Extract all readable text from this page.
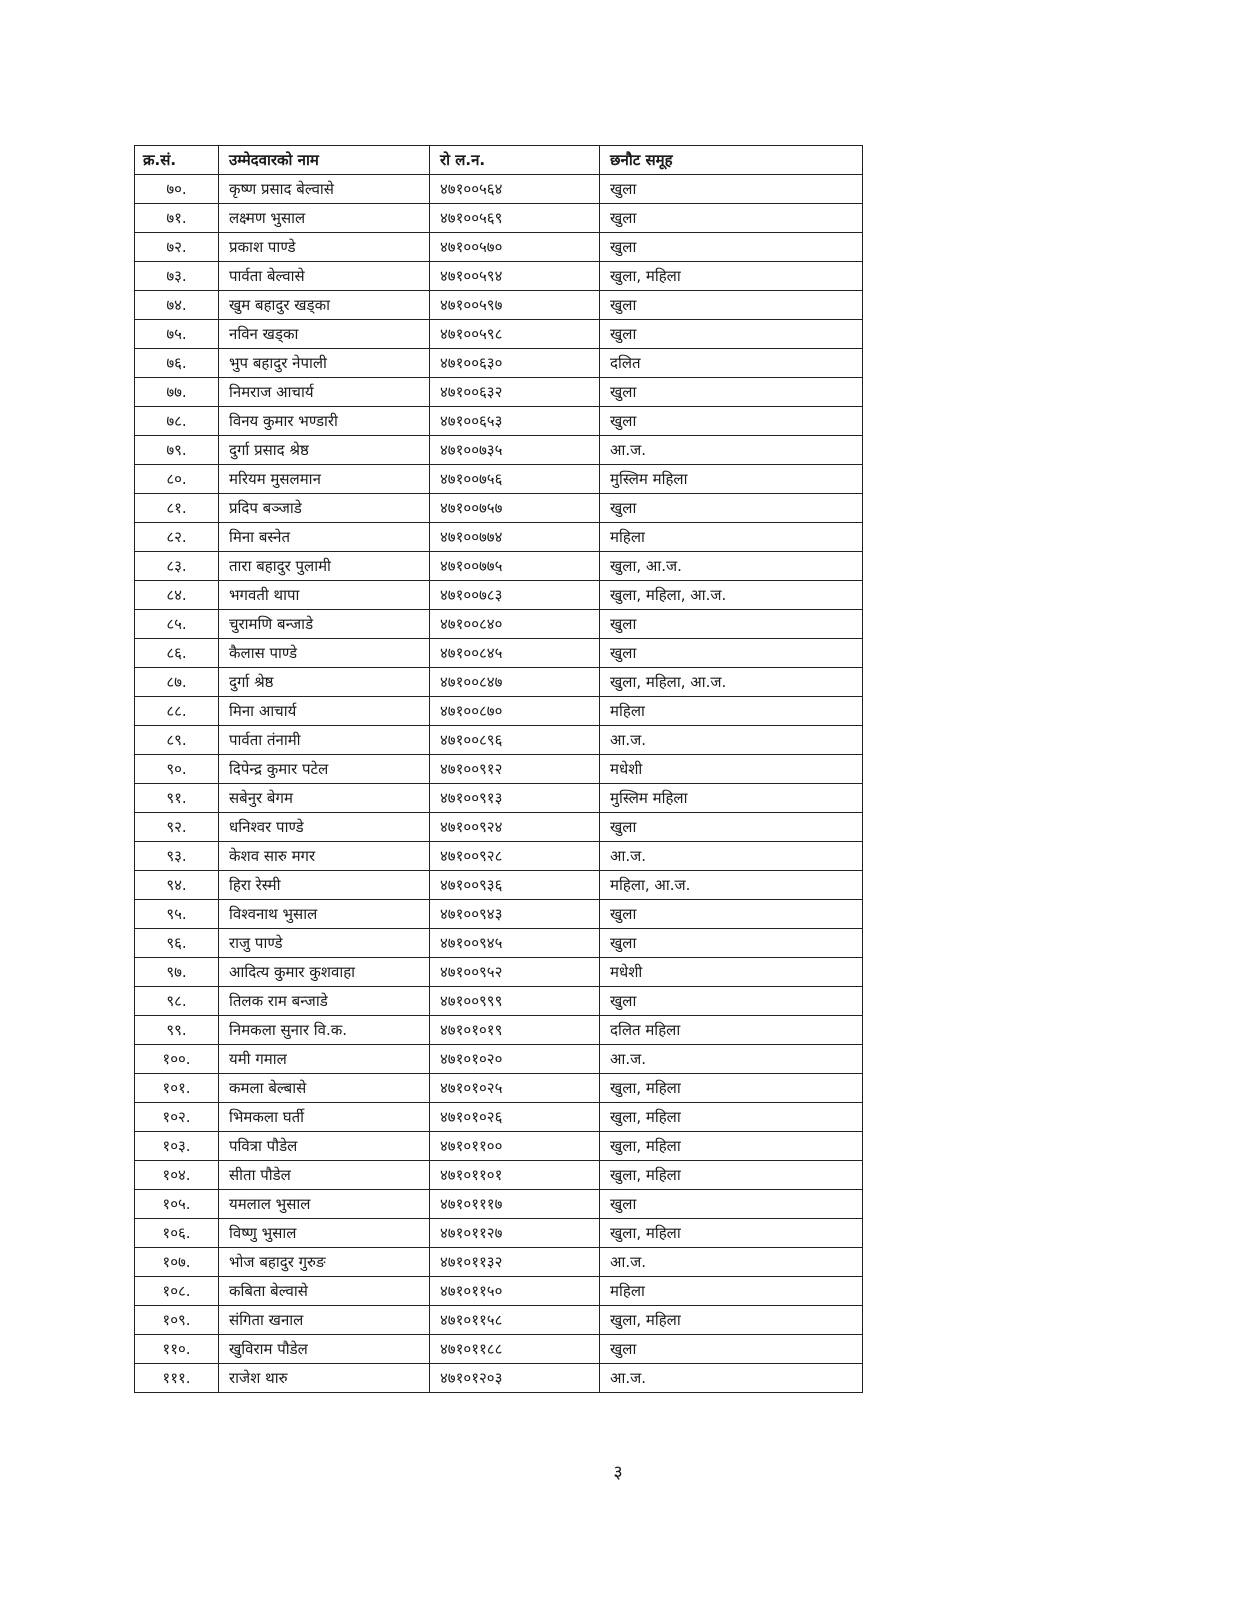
क्र.सं.	उम्मेदवारको नाम	रो ल.न.	छनौट समूह
७०.	कृष्ण प्रसाद बेल्वासे	४७१००५६४	खुला
७१.	लक्ष्मण भुसाल	४७१००५६९	खुला
७२.	प्रकाश पाण्डे	४७१००५७०	खुला
७३.	पार्वता बेल्वासे	४७१००५९४	खुला, महिला
७४.	खुम बहादुर खड्का	४७१००५९७	खुला
७५.	नविन खड्का	४७१००५९८	खुला
७६.	भुप बहादुर नेपाली	४७१००६३०	दलित
७७.	निमराज आचार्य	४७१००६३२	खुला
७८.	विनय कुमार भण्डारी	४७१००६५३	खुला
७९.	दुर्गा प्रसाद श्रेष्ठ	४७१००७३५	आ.ज.
८०.	मरियम मुसलमान	४७१००७५६	मुस्लिम महिला
८१.	प्रदिप बञ्जाडे	४७१००७५७	खुला
८२.	मिना बस्नेत	४७१००७७४	महिला
८३.	तारा बहादुर पुलामी	४७१००७७५	खुला, आ.ज.
८४.	भगवती थापा	४७१००७८३	खुला, महिला, आ.ज.
८५.	चुरामणि बन्जाडे	४७१००८४०	खुला
८६.	कैलास पाण्डे	४७१००८४५	खुला
८७.	दुर्गा श्रेष्ठ	४७१००८४७	खुला, महिला, आ.ज.
८८.	मिना आचार्य	४७१००८७०	महिला
८९.	पार्वता तंनामी	४७१००८९६	आ.ज.
९०.	दिपेन्द्र कुमार पटेल	४७१००९१२	मधेशी
९१.	सबेनुर बेगम	४७१००९१३	मुस्लिम महिला
९२.	धनिश्वर पाण्डे	४७१००९२४	खुला
९३.	केशव सारु मगर	४७१००९२८	आ.ज.
९४.	हिरा रेस्मी	४७१००९३६	महिला, आ.ज.
९५.	विश्वनाथ भुसाल	४७१००९४३	खुला
९६.	राजु पाण्डे	४७१००९४५	खुला
९७.	आदित्य कुमार कुशवाहा	४७१००९५२	मधेशी
९८.	तिलक राम बन्जाडे	४७१००९९९	खुला
९९.	निमकला सुनार वि.क.	४७१०१०१९	दलित महिला
१००.	यमी गमाल	४७१०१०२०	आ.ज.
१०१.	कमला बेल्बासे	४७१०१०२५	खुला, महिला
१०२.	भिमकला घर्ती	४७१०१०२६	खुला, महिला
१०३.	पवित्रा पौडेल	४७१०११००	खुला, महिला
१०४.	सीता पौडेल	४७१०११०१	खुला, महिला
१०५.	यमलाल भुसाल	४७१०१११७	खुला
१०६.	विष्णु भुसाल	४७१०११२७	खुला, महिला
१०७.	भोज बहादुर गुरुङ	४७१०११३२	आ.ज.
१०८.	कबिता बेल्वासे	४७१०११५०	महिला
१०९.	संगिता खनाल	४७१०११५८	खुला, महिला
११०.	खुविराम पौडेल	४७१०११८८	खुला
१११.	राजेश थारु	४७१०१२०३	आ.ज.
३
